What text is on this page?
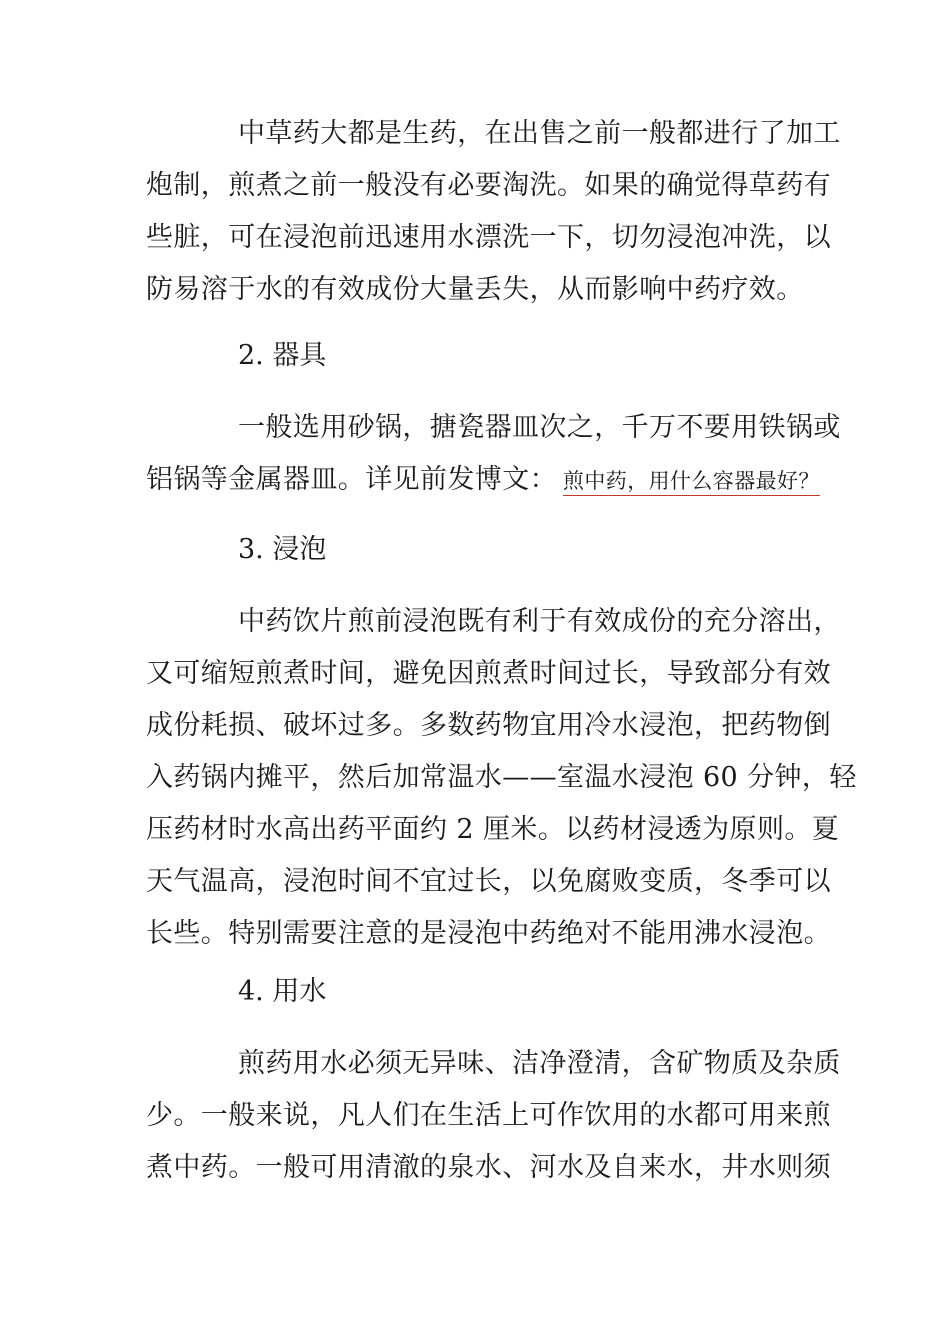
中草药大都是生药，在出售之前一般都进行了加工
炮制，煎煮之前一般没有必要淘洗。如果的确觉得草药有
些脏，可在浸泡前迅速用水漂洗一下，切勿浸泡冲洗，以
防易溶于水的有效成份大量丢失，从而影响中药疗效。
2. 器具
一般选用砂锅，搪瓷器皿次之，千万不要用铁锅或
铝锅等金属器皿。详见前发博文： 煎中药，用什么容器最好？
3. 浸泡
中药饮片煎前浸泡既有利于有效成份的充分溶出，
又可缩短煎煮时间，避免因煎煮时间过长，导致部分有效
成份耗损、破坏过多。多数药物宜用冷水浸泡，把药物倒
入药锅内摊平，然后加常温水——室温水浸泡 60 分钟，轻
压药材时水高出药平面约 2 厘米。以药材浸透为原则。夏
天气温高，浸泡时间不宜过长，以免腐败变质，冬季可以
长些。特别需要注意的是浸泡中药绝对不能用沸水浸泡。
4. 用水
煎药用水必须无异味、洁净澄清，含矿物质及杂质
少。一般来说，凡人们在生活上可作饮用的水都可用来煎
煮中药。一般可用清澈的泉水、河水及自来水，井水则须
